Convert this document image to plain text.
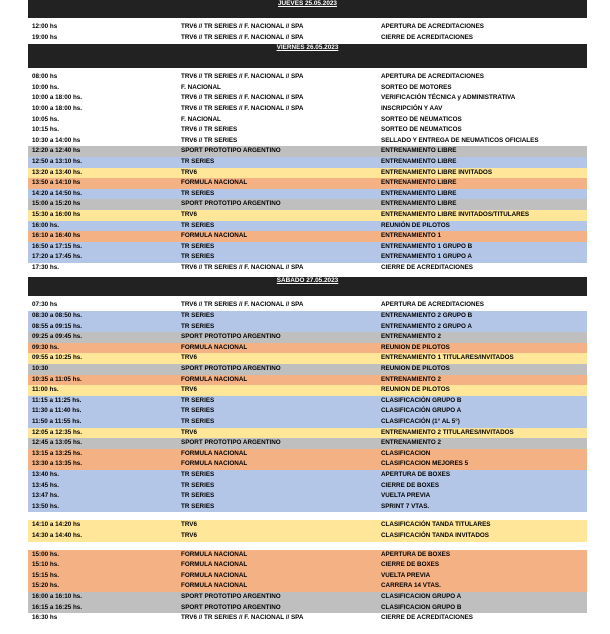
JUEVES 25.05.2023
12:00 hs	TRV6 // TR SERIES // F. NACIONAL // SPA	APERTURA DE ACREDITACIONES
19:00 hs	TRV6 // TR SERIES // F. NACIONAL // SPA	CIERRE DE ACREDITACIONES
VIERNES 26.05.2023
08:00 hs	TRV6 // TR SERIES // F. NACIONAL // SPA	APERTURA DE ACREDITACIONES
10:00 hs.	F. NACIONAL	SORTEO DE MOTORES
10:00 a 18:00 hs.	TRV6 // TR SERIES // F. NACIONAL // SPA	VERIFICACIÓN TÉCNICA y ADMINISTRATIVA
10:00 a 18:00 hs.	TRV6 // TR SERIES // F. NACIONAL // SPA	INSCRIPCIÓN Y AAV
10:05 hs.	F. NACIONAL	SORTEO DE NEUMATICOS
10:15 hs.	TRV6 // TR SERIES	SORTEO DE NEUMATICOS
10:30 a 14:00 hs	TRV6 // TR SERIES	SELLADO Y ENTREGA DE NEUMATICOS OFICIALES
12:20 a 12:40 hs	SPORT PROTOTIPO ARGENTINO	ENTRENAMIENTO LIBRE
12:50 a 13:10 hs.	TR SERIES	ENTRENAMIENTO LIBRE
13:20 a 13:40 hs.	TRV6	ENTRENAMIENTO LIBRE INVITADOS
13:50 a 14:10 hs	FORMULA NACIONAL	ENTRENAMIENTO LIBRE
14:20 a 14:50 hs.	TR SERIES	ENTRENAMIENTO LIBRE
15:00 a 15:20 hs	SPORT PROTOTIPO ARGENTINO	ENTRENAMIENTO LIBRE
15:30 a 16:00 hs	TRV6	ENTRENAMIENTO LIBRE INVITADOS/TITULARES
16:00 hs.	TR SERIES	REUNIÓN DE PILOTOS
16:10 a 16:40 hs	FORMULA NACIONAL	ENTRENAMIENTO 1
16:50 a 17:15 hs.	TR SERIES	ENTRENAMIENTO 1 GRUPO B
17:20 a 17:45 hs.	TR SERIES	ENTRENAMIENTO 1 GRUPO A
17:30 hs.	TRV6 // TR SERIES // F. NACIONAL // SPA	CIERRE DE ACREDITACIONES
SÁBADO 27.05.2023
07:30 hs	TRV6 // TR SERIES // F. NACIONAL // SPA	APERTURA DE ACREDITACIONES
08:30 a 08:50 hs.	TR SERIES	ENTRENAMIENTO 2 GRUPO B
08:55 a 09:15 hs.	TR SERIES	ENTRENAMIENTO 2 GRUPO A
09:25 a 09:45 hs.	SPORT PROTOTIPO ARGENTINO	ENTRENAMIENTO 2
09:30 hs.	FORMULA NACIONAL	REUNION DE PILOTOS
09:55 a 10:25 hs.	TRV6	ENTRENAMIENTO 1 TITULARES/INVITADOS
10:30	SPORT PROTOTIPO ARGENTINO	REUNION DE PILOTOS
10:35 a 11:05 hs.	FORMULA NACIONAL	ENTRENAMIENTO 2
11:00 hs.	TRV6	REUNION DE PILOTOS
11:15 a 11:25 hs.	TR SERIES	CLASIFICACIÓN GRUPO B
11:30 a 11:40 hs.	TR SERIES	CLASIFICACIÓN GRUPO A
11:50 a 11:55 hs.	TR SERIES	CLASIFICACIÓN (1° AL 5°)
12:05 a 12:35 hs.	TRV6	ENTRENAMIENTO 2 TITULARES/INVITADOS
12:45 a 13:05 hs.	SPORT PROTOTIPO ARGENTINO	ENTRENAMIENTO 2
13:15 a 13:25 hs.	FORMULA NACIONAL	CLASIFICACION
13:30 a 13:35 hs.	FORMULA NACIONAL	CLASIFICACION MEJORES 5
13:40 hs.	TR SERIES	APERTURA DE BOXES
13:45 hs.	TR SERIES	CIERRE DE BOXES
13:47 hs.	TR SERIES	VUELTA PREVIA
13:50 hs.	TR SERIES	SPRINT 7 VTAS.
14:10 a 14:20 hs	TRV6	CLASIFICACIÓN TANDA TITULARES
14:30 a 14:40 hs.	TRV6	CLASIFICACIÓN TANDA INVITADOS
15:00 hs.	FORMULA NACIONAL	APERTURA DE BOXES
15:10 hs.	FORMULA NACIONAL	CIERRE DE BOXES
15:15 hs.	FORMULA NACIONAL	VUELTA PREVIA
15:20 hs.	FORMULA NACIONAL	CARRERA 14 VTAS.
16:00 a 16:10 hs.	SPORT PROTOTIPO ARGENTINO	CLASIFICACION GRUPO A
16:15 a 16:25 hs.	SPORT PROTOTIPO ARGENTINO	CLASIFICACION GRUPO B
16:30 hs	TRV6 // TR SERIES // F. NACIONAL // SPA	CIERRE DE ACREDITACIONES
